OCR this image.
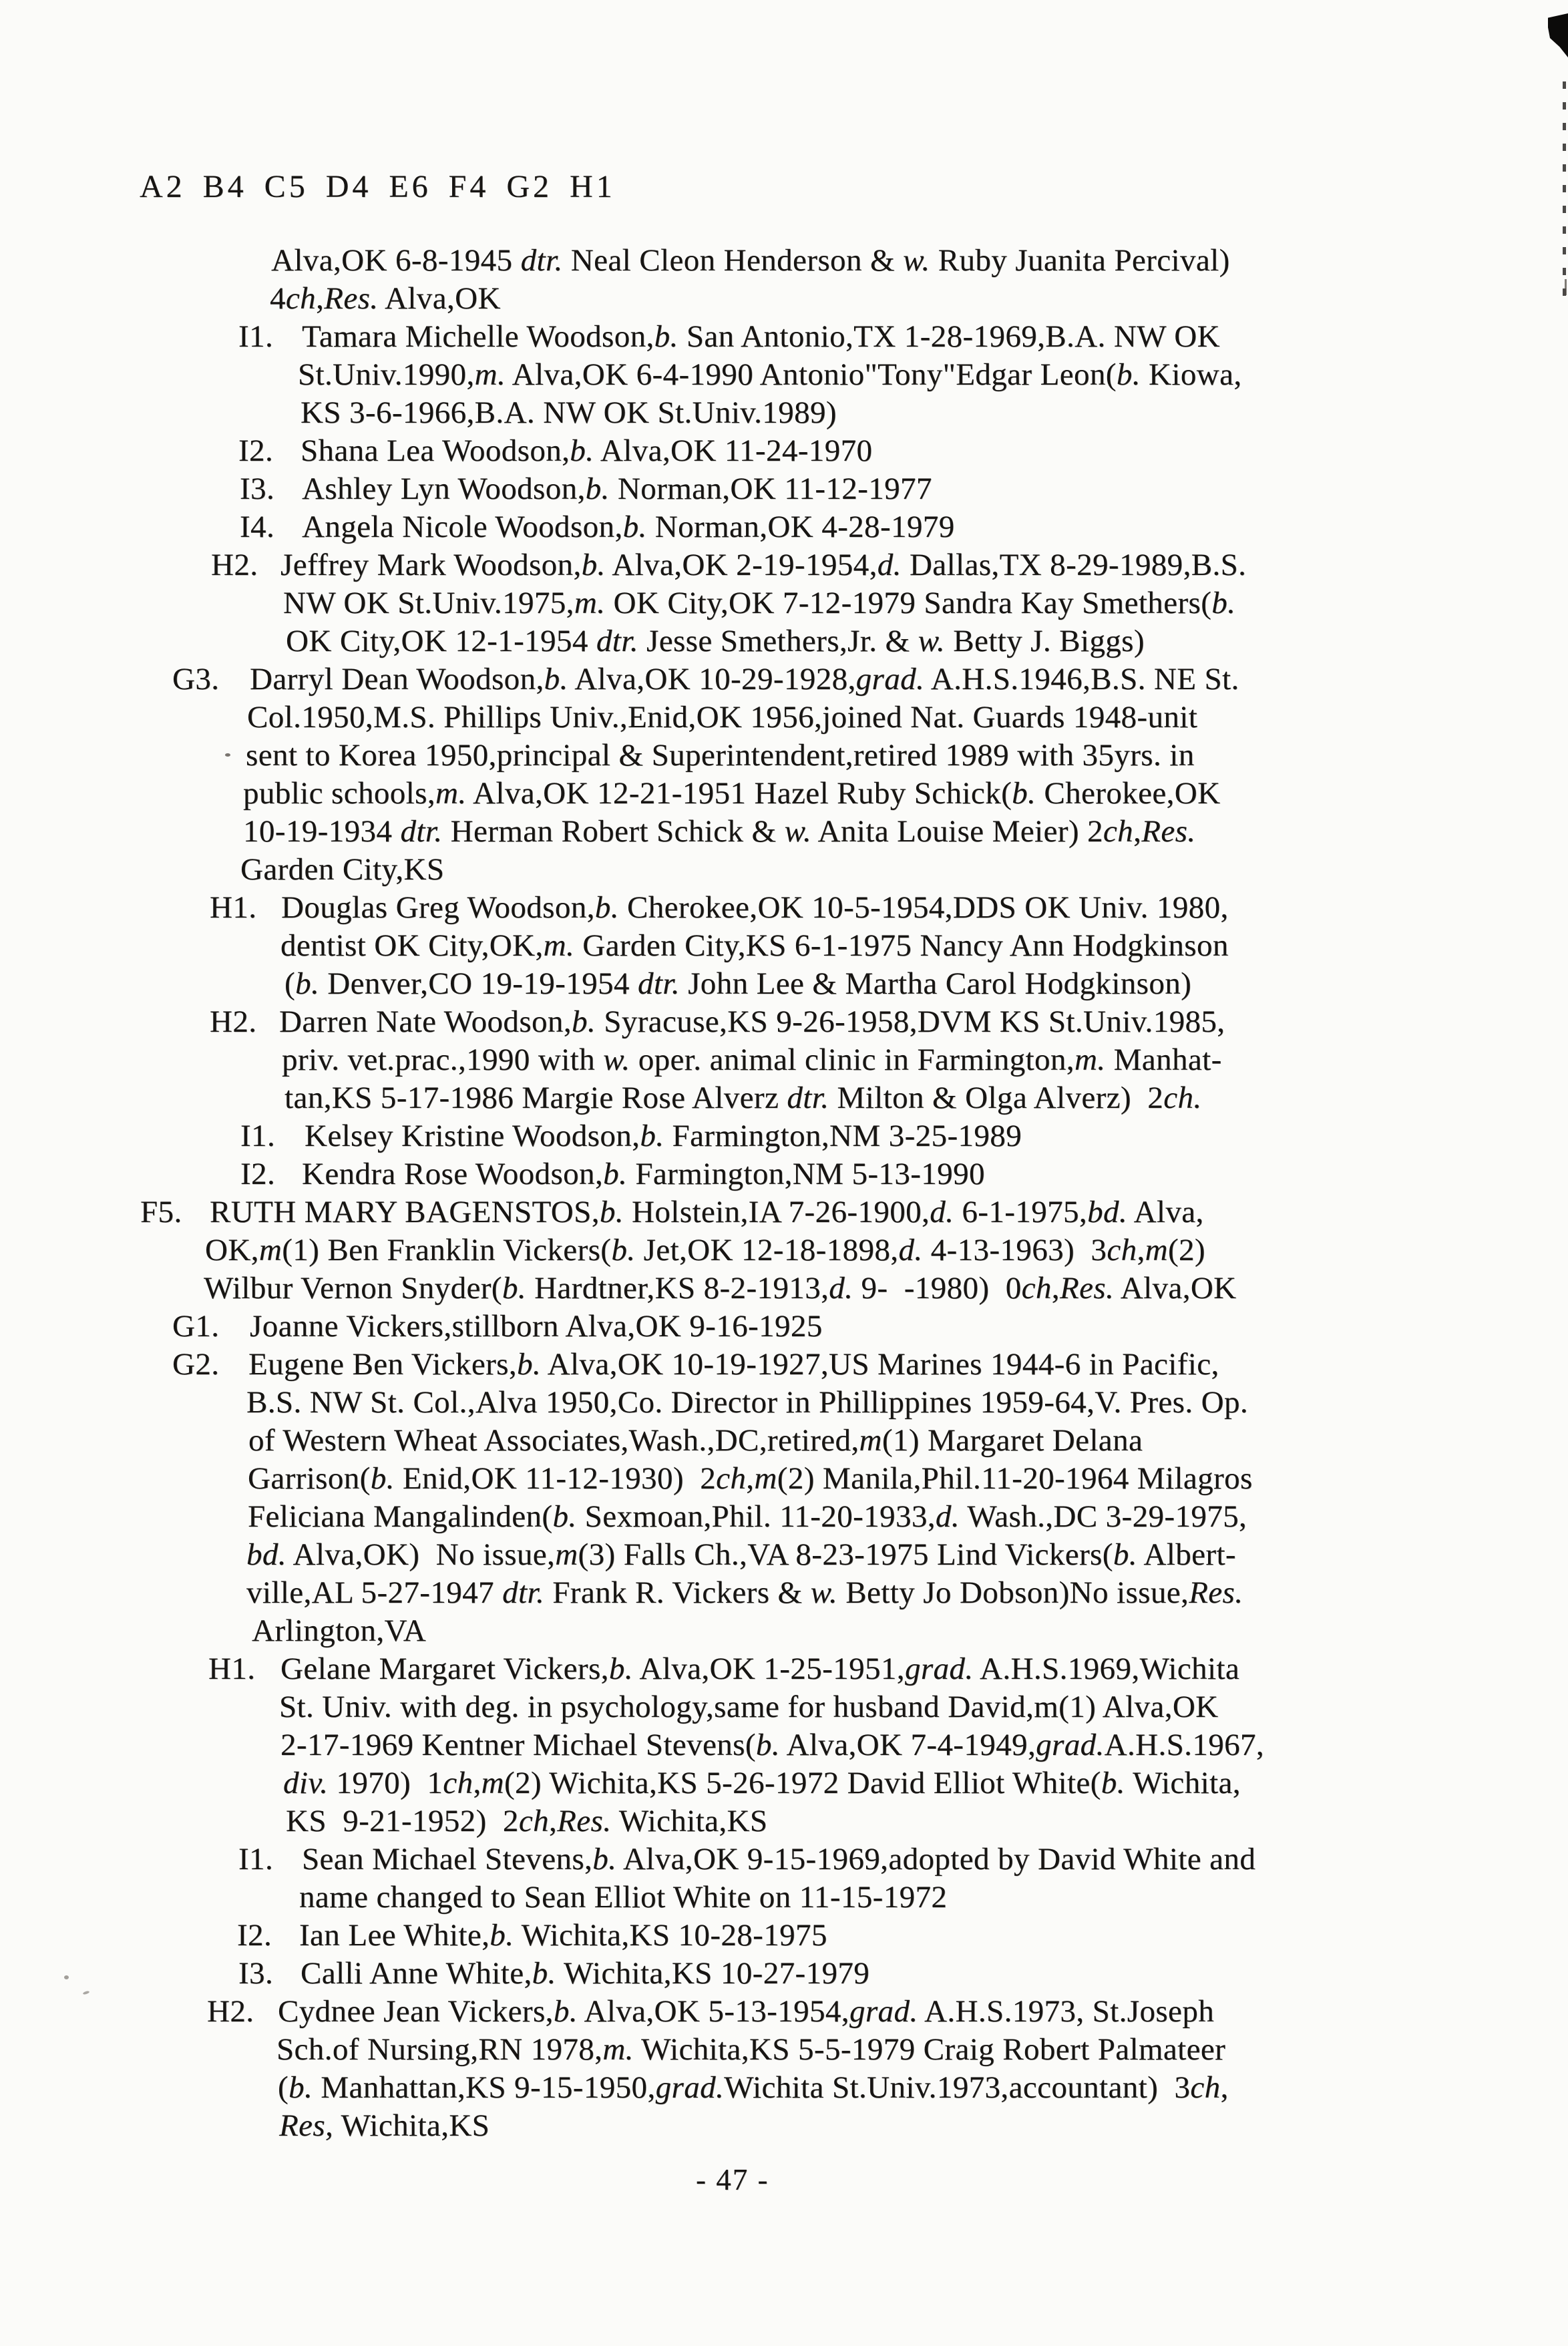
A2 B4 C5 D4 E6 F4 G2 H1
Alva,OK 6-8-1945 dtr. Neal Cleon Henderson & w. Ruby Juanita Percival)
4ch,Res. Alva,OK
I1. Tamara Michelle Woodson,b. San Antonio,TX 1-28-1969,B.A. NW OK
St.Univ.1990,m. Alva,OK 6-4-1990 Antonio"Tony"Edgar Leon(b. Kiowa,
KS 3-6-1966,B.A. NW OK St.Univ.1989)
I2. Shana Lea Woodson,b. Alva,OK 11-24-1970
I3. Ashley Lyn Woodson,b. Norman,OK 11-12-1977
I4. Angela Nicole Woodson,b. Norman,OK 4-28-1979
H2. Jeffrey Mark Woodson,b. Alva,OK 2-19-1954,d. Dallas,TX 8-29-1989,B.S.
NW OK St.Univ.1975,m. OK City,OK 7-12-1979 Sandra Kay Smethers(b.
OK City,OK 12-1-1954 dtr. Jesse Smethers,Jr. & w. Betty J. Biggs)
G3. Darryl Dean Woodson,b. Alva,OK 10-29-1928,grad. A.H.S.1946,B.S. NE St.
Col.1950,M.S. Phillips Univ.,Enid,OK 1956,joined Nat. Guards 1948-unit
sent to Korea 1950,principal & Superintendent,retired 1989 with 35yrs. in
public schools,m. Alva,OK 12-21-1951 Hazel Ruby Schick(b. Cherokee,OK
10-19-1934 dtr. Herman Robert Schick & w. Anita Louise Meier) 2ch,Res.
Garden City,KS
H1. Douglas Greg Woodson,b. Cherokee,OK 10-5-1954,DDS OK Univ. 1980,
dentist OK City,OK,m. Garden City,KS 6-1-1975 Nancy Ann Hodgkinson
(b. Denver,CO 19-19-1954 dtr. John Lee & Martha Carol Hodgkinson)
H2. Darren Nate Woodson,b. Syracuse,KS 9-26-1958,DVM KS St.Univ.1985,
priv. vet.prac.,1990 with w. oper. animal clinic in Farmington,m. Manhat-
tan,KS 5-17-1986 Margie Rose Alverz dtr. Milton & Olga Alverz)  2ch.
I1. Kelsey Kristine Woodson,b. Farmington,NM 3-25-1989
I2. Kendra Rose Woodson,b. Farmington,NM 5-13-1990
F5. RUTH MARY BAGENSTOS,b. Holstein,IA 7-26-1900,d. 6-1-1975,bd. Alva,
OK,m(1) Ben Franklin Vickers(b. Jet,OK 12-18-1898,d. 4-13-1963)  3ch,m(2)
Wilbur Vernon Snyder(b. Hardtner,KS 8-2-1913,d. 9-  -1980)  0ch,Res. Alva,OK
G1. Joanne Vickers,stillborn Alva,OK 9-16-1925
G2. Eugene Ben Vickers,b. Alva,OK 10-19-1927,US Marines 1944-6 in Pacific,
B.S. NW St. Col.,Alva 1950,Co. Director in Phillippines 1959-64,V. Pres. Op.
of Western Wheat Associates,Wash.,DC,retired,m(1) Margaret Delana
Garrison(b. Enid,OK 11-12-1930)  2ch,m(2) Manila,Phil.11-20-1964 Milagros
Feliciana Mangalinden(b. Sexmoan,Phil. 11-20-1933,d. Wash.,DC 3-29-1975,
bd. Alva,OK)  No issue,m(3) Falls Ch.,VA 8-23-1975 Lind Vickers(b. Albert-
ville,AL 5-27-1947 dtr. Frank R. Vickers & w. Betty Jo Dobson)No issue,Res.
Arlington,VA
H1. Gelane Margaret Vickers,b. Alva,OK 1-25-1951,grad. A.H.S.1969,Wichita
St. Univ. with deg. in psychology,same for husband David,m(1) Alva,OK
2-17-1969 Kentner Michael Stevens(b. Alva,OK 7-4-1949,grad.A.H.S.1967,
div. 1970)  1ch,m(2) Wichita,KS 5-26-1972 David Elliot White(b. Wichita,
KS  9-21-1952)  2ch,Res. Wichita,KS
I1. Sean Michael Stevens,b. Alva,OK 9-15-1969,adopted by David White and
name changed to Sean Elliot White on 11-15-1972
I2. Ian Lee White,b. Wichita,KS 10-28-1975
I3. Calli Anne White,b. Wichita,KS 10-27-1979
H2. Cydnee Jean Vickers,b. Alva,OK 5-13-1954,grad. A.H.S.1973, St.Joseph
Sch.of Nursing,RN 1978,m. Wichita,KS 5-5-1979 Craig Robert Palmateer
(b. Manhattan,KS 9-15-1950,grad.Wichita St.Univ.1973,accountant)  3ch,
Res, Wichita,KS
- 47 -
